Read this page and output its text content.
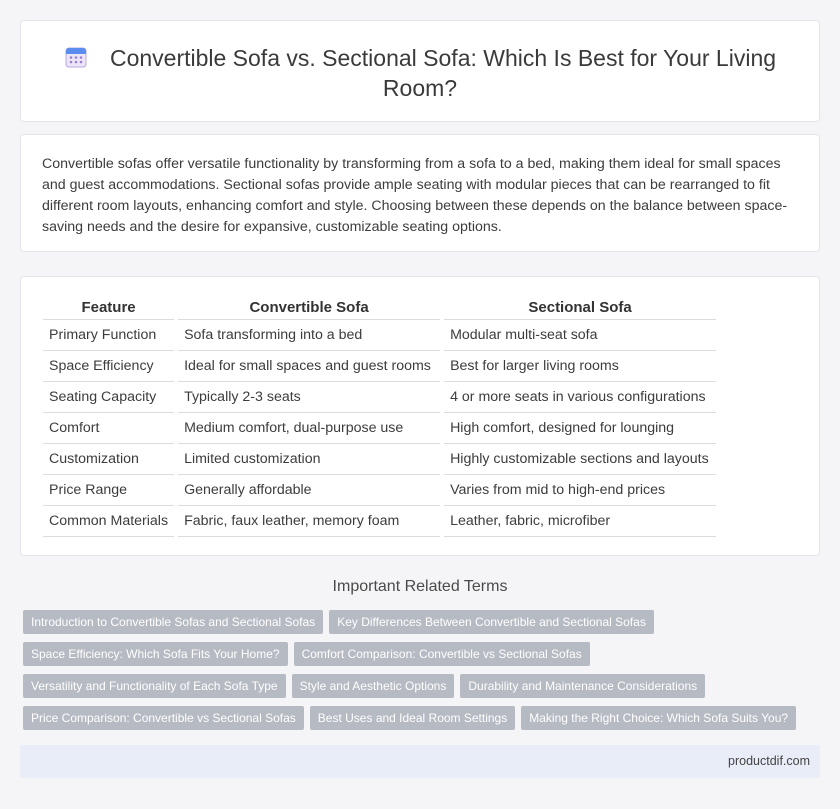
Convertible Sofa vs. Sectional Sofa: Which Is Best for Your Living Room?

Convertible sofas offer versatile functionality by transforming from a sofa to a bed, making them ideal for small spaces and guest accommodations. Sectional sofas provide ample seating with modular pieces that can be rearranged to fit different room layouts, enhancing comfort and style. Choosing between these depends on the balance between space-saving needs and the desire for expansive, customizable seating options.

Feature		Convertible Sofa		Sectional Sofa
Primary Function		Sofa transforming into a bed		Modular multi-seat sofa
Space Efficiency		Ideal for small spaces and guest rooms		Best for larger living rooms
Seating Capacity		Typically 2-3 seats		4 or more seats in various configurations
Comfort		Medium comfort, dual-purpose use		High comfort, designed for lounging
Customization		Limited customization		Highly customizable sections and layouts
Price Range		Generally affordable		Varies from mid to high-end prices
Common Materials		Fabric, faux leather, memory foam		Leather, fabric, microfiber
Important Related Terms
Introduction to Convertible Sofas and Sectional Sofas Key Differences Between Convertible and Sectional Sofas
Space Efficiency: Which Sofa Fits Your Home? Comfort Comparison: Convertible vs Sectional Sofas
Versatility and Functionality of Each Sofa Type Style and Aesthetic Options Durability and Maintenance Considerations
Price Comparison: Convertible vs Sectional Sofas Best Uses and Ideal Room Settings Making the Right Choice: Which Sofa Suits You?
productdif.com
